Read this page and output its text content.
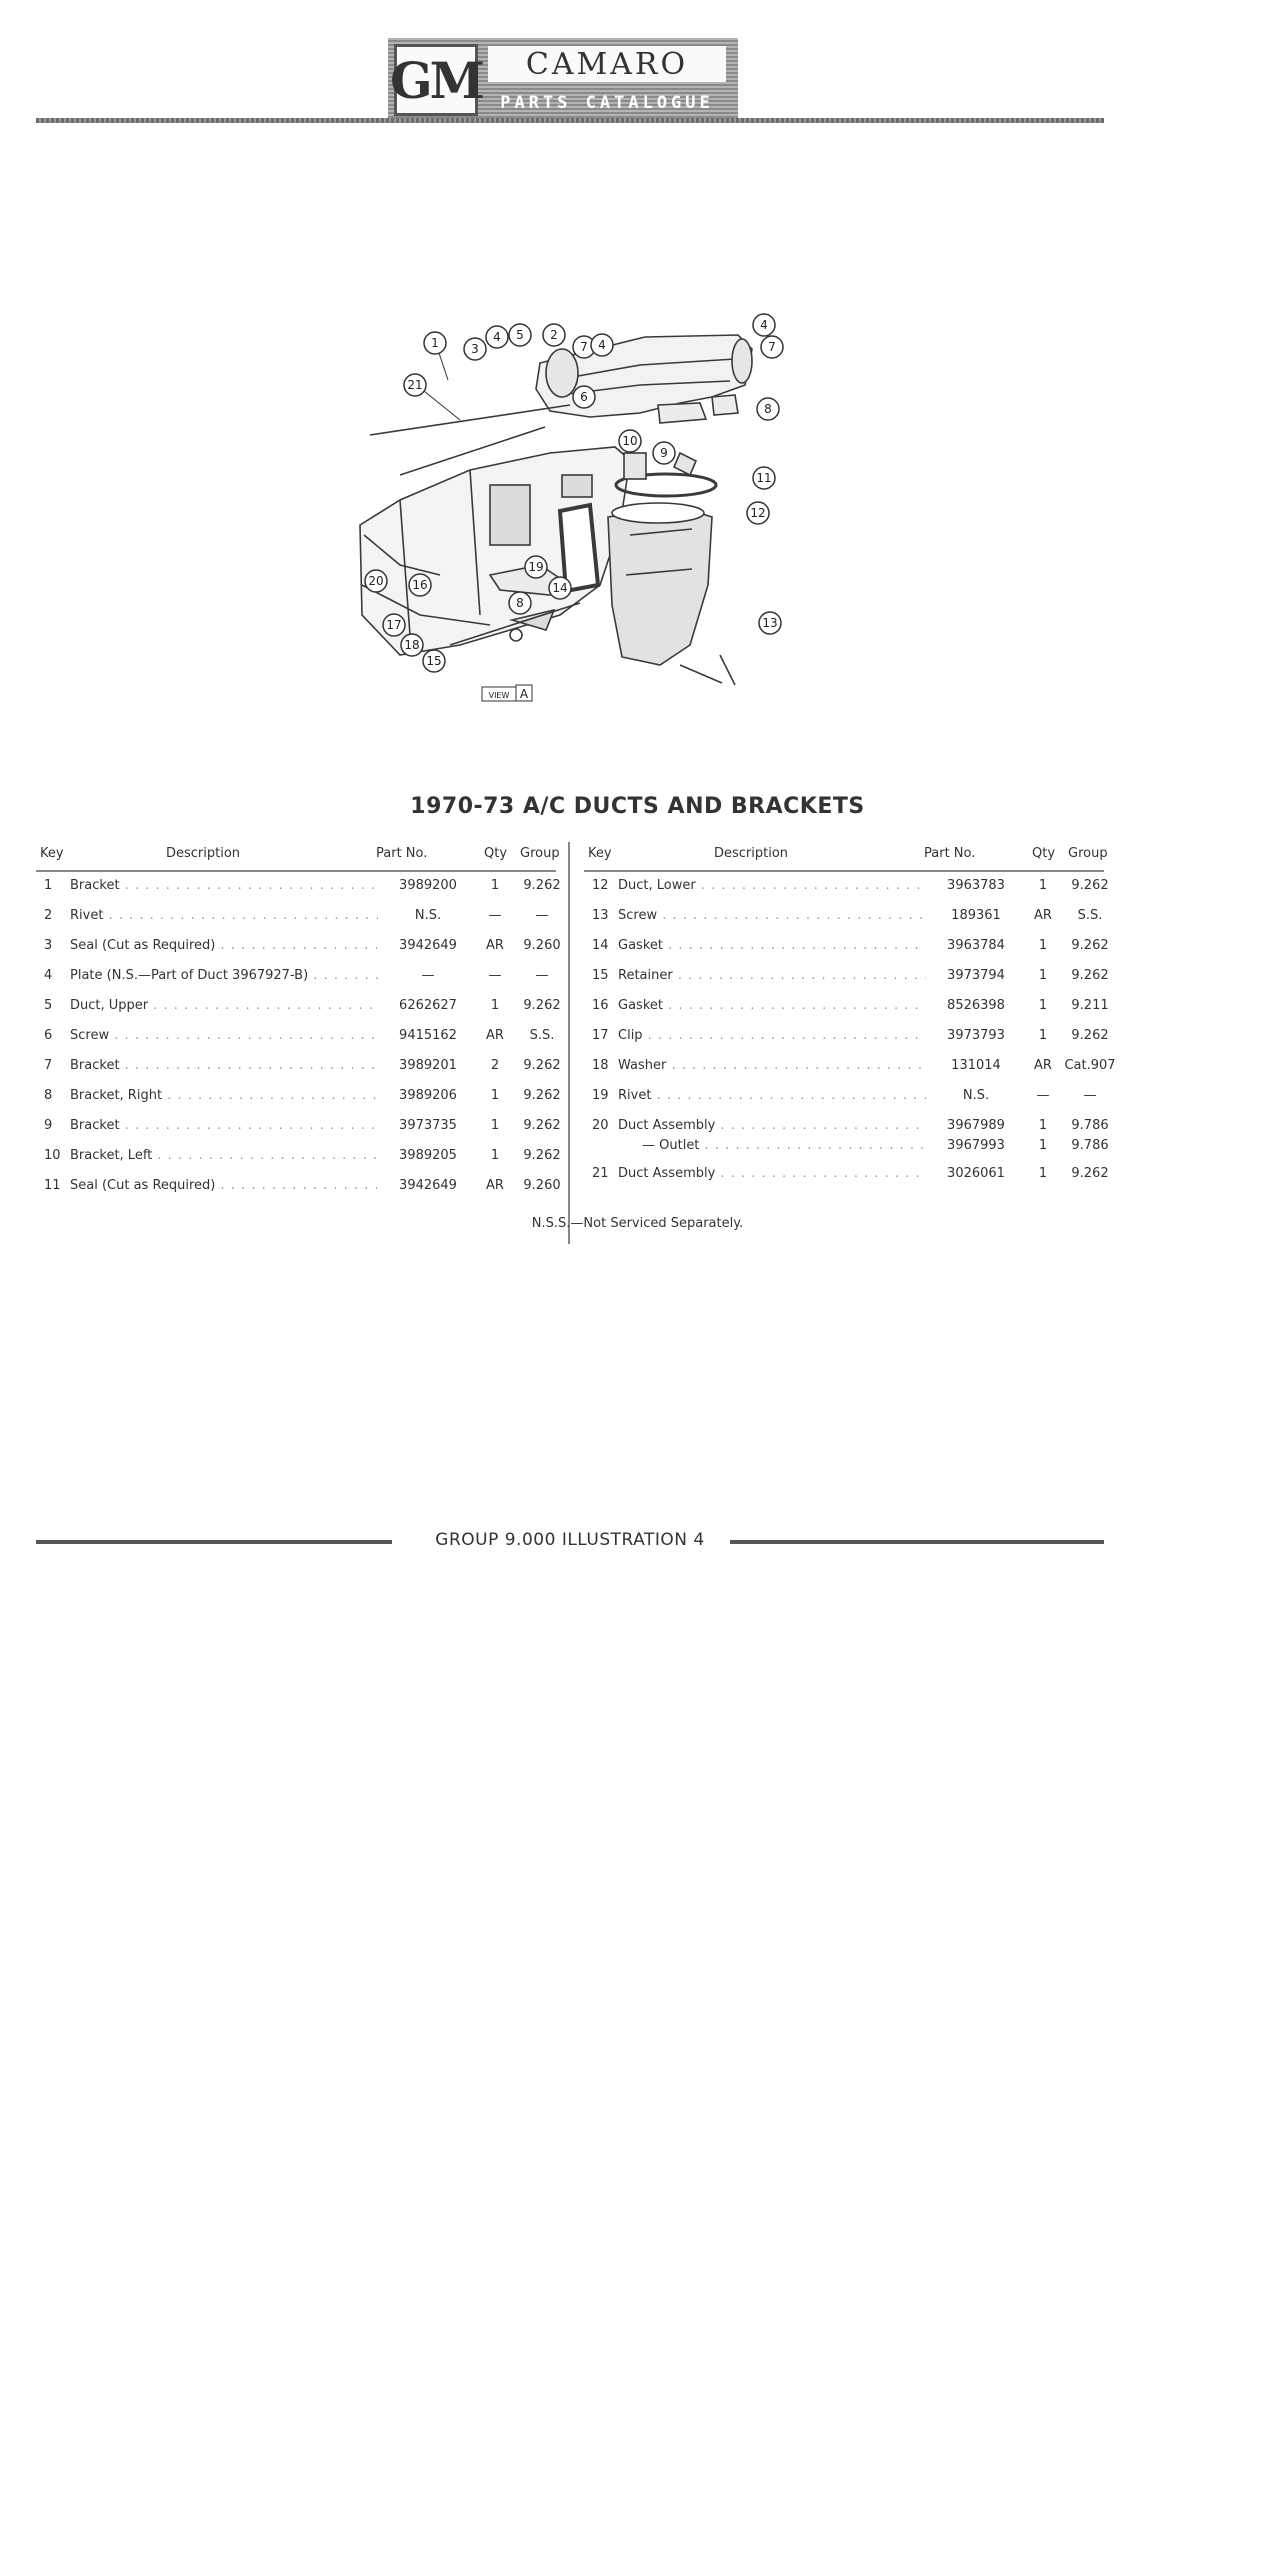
GM	CAMARO
PARTS CATALOGUE
1	3
4 5 2
7 4
4
7
21
6
8
10
9
11
12
20 16
19
14
8
13
17
18
15
VIEW A
1970-73 A/C DUCTS AND BRACKETS
Key	Description	Part No.	Qty Group
1 Bracket . . .	3989200	1	9.262
2 Rivet . . .	N.S.	—	—
3 Seal (Cut as Required) . . .	3942649	AR	9.260
4 Plate (N.S.—Part of Duct 3967927-B) . . .	—	—	—
5 Duct, Upper . . .	6262627	1	9.262
6 Screw . . .	9415162	AR	S.S.
7 Bracket . . .	3989201	2	9.262
8 Bracket, Right . . .	3989206	1	9.262
9 Bracket . . .	3973735	1	9.262
10 Bracket, Left . . .	3989205	1	9.262
11 Seal (Cut as Required) . . .	3942649	AR	9.260
Key	Description	Part No.	Qty Group
12 Duct, Lower . . .	3963783	1	9.262
13 Screw . . .	189361	AR	S.S.
14 Gasket . . .	3963784	1	9.262
15 Retainer . . .	3973794	1	9.262
16 Gasket . . .	8526398	1	9.211
17 Clip . . .	3973793	1	9.262
18 Washer . . .	131014	AR Cat.907
19 Rivet . . .	N.S.	—	—
20 Duct Assembly . . .	3967989	1	9.786
— Outlet . . .	3967993	1	9.786
21 Duct Assembly . . .	3026061	1	9.262
N.S.S.—Not Serviced Separately.
GROUP 9.000 ILLUSTRATION 4
